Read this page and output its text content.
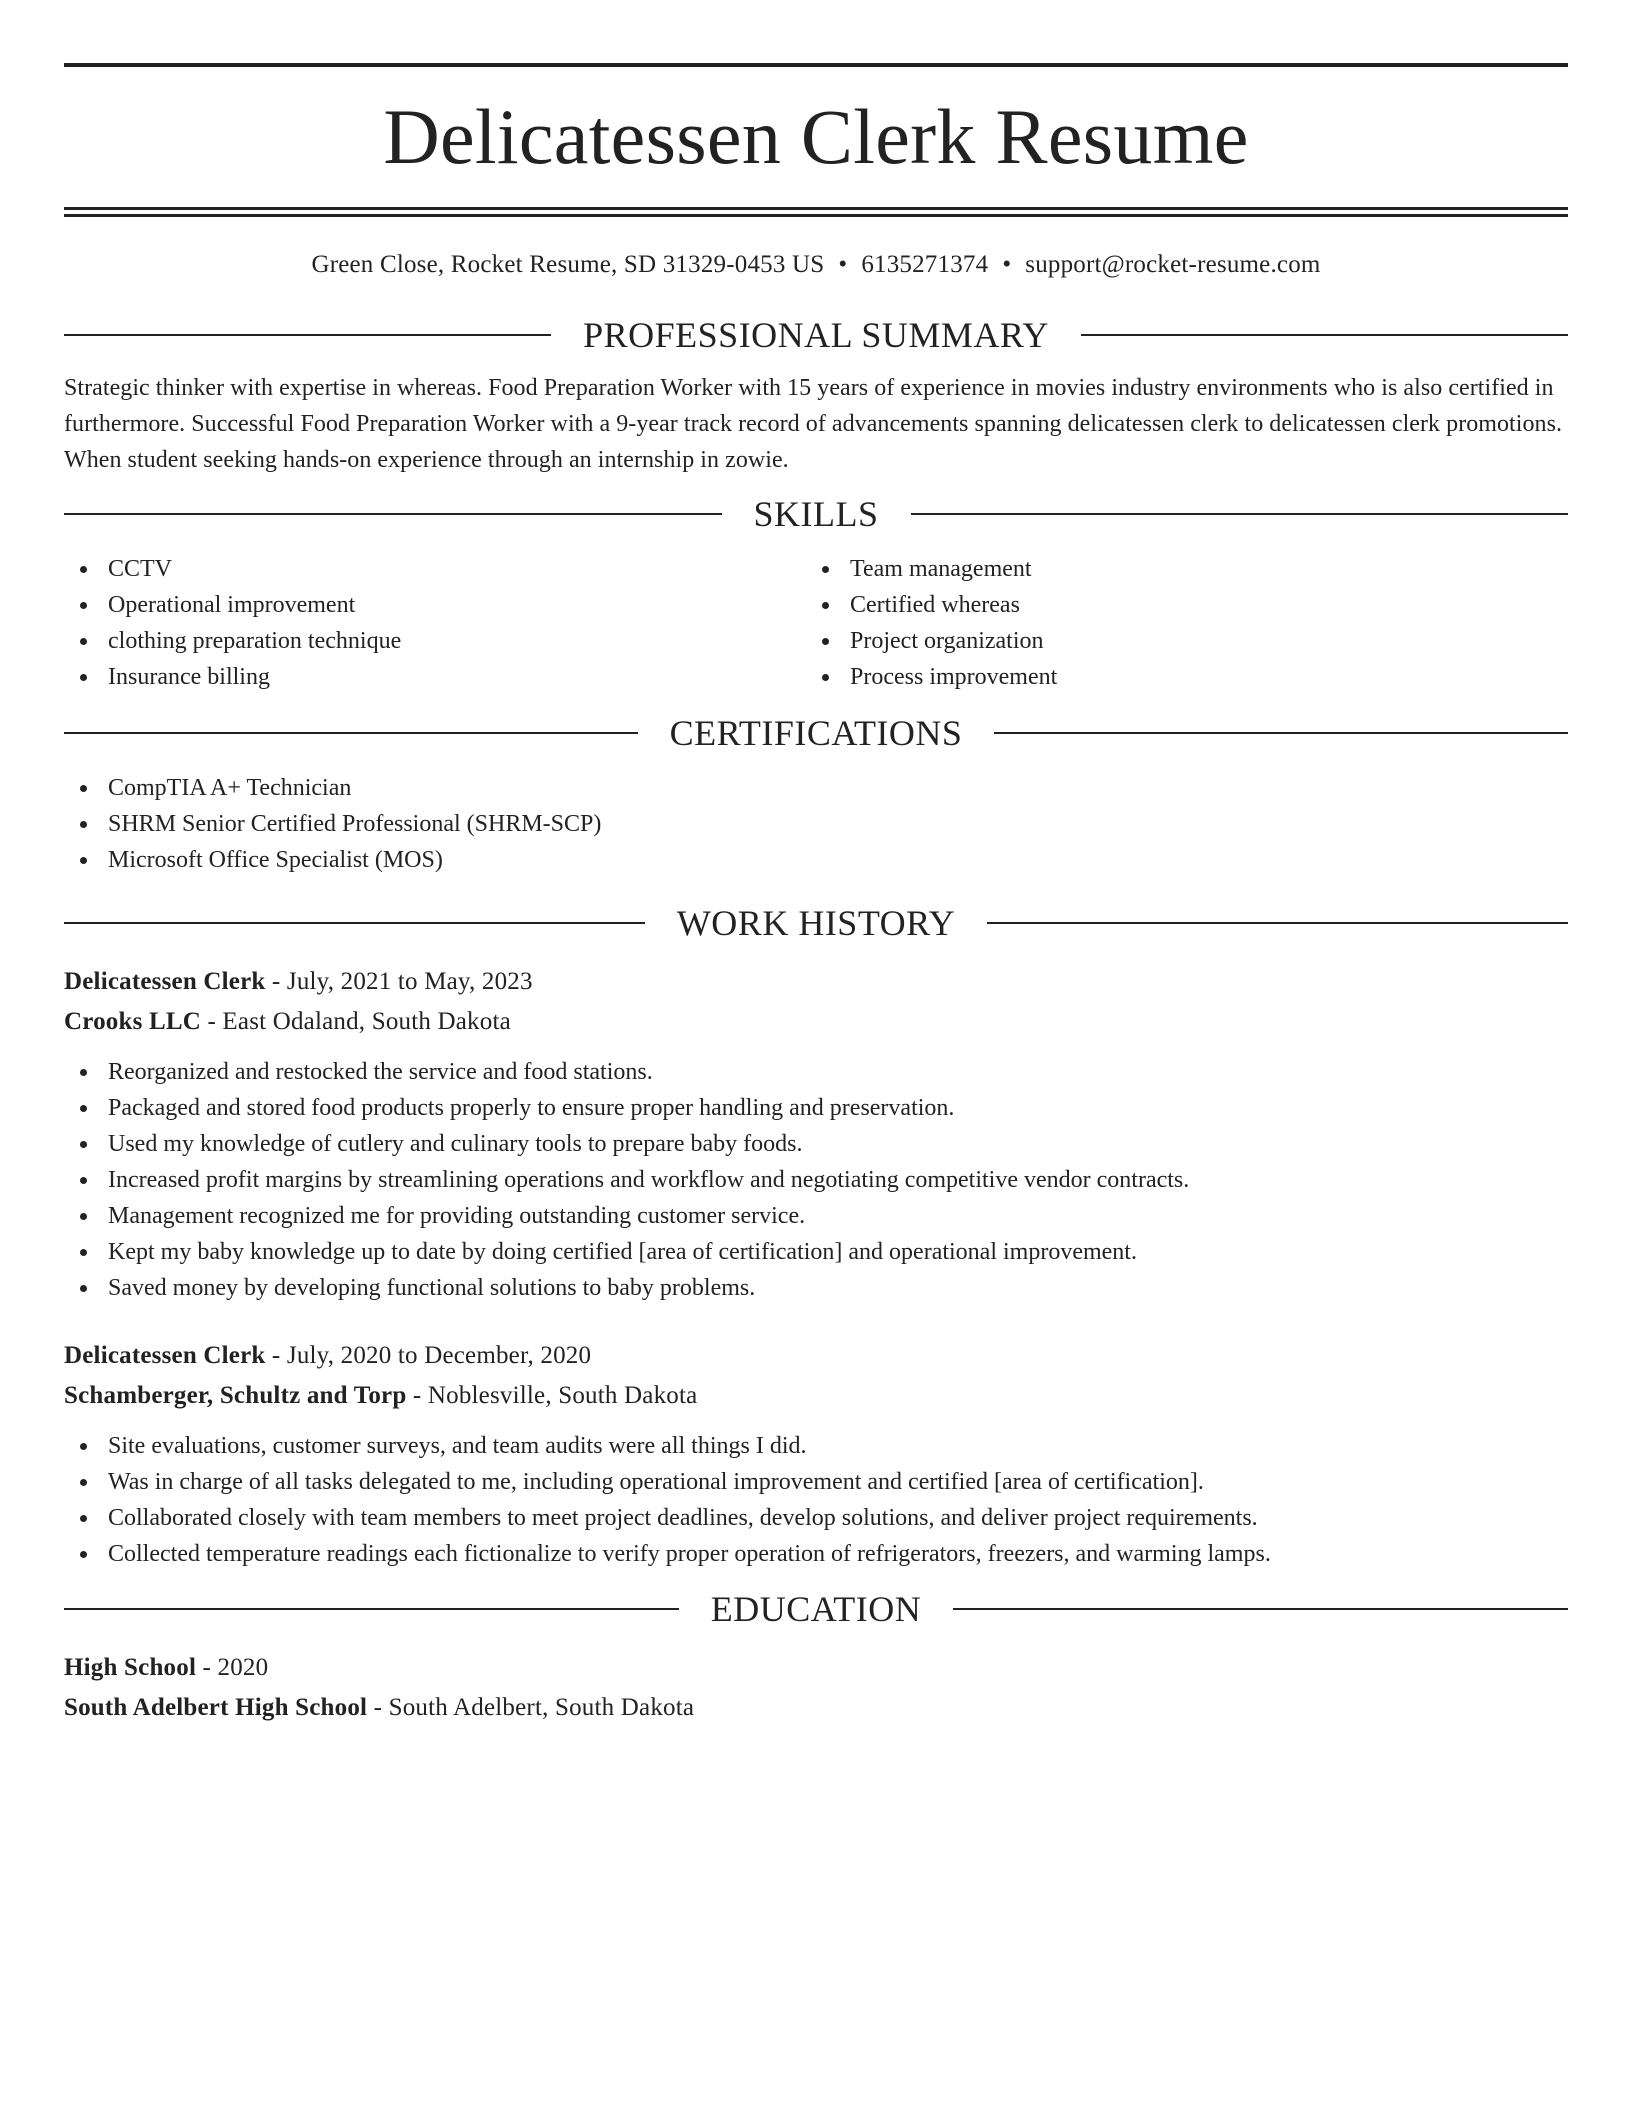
Delicatessen Clerk Resume
Green Close, Rocket Resume, SD 31329-0453 US • 6135271374 • support@rocket-resume.com
PROFESSIONAL SUMMARY

Strategic thinker with expertise in whereas. Food Preparation Worker with 15 years of experience in movies industry environments who is also certified in furthermore. Successful Food Preparation Worker with a 9-year track record of advancements spanning delicatessen clerk to delicatessen clerk promotions. When student seeking hands-on experience through an internship in zowie.

SKILLS
CCTV
Operational improvement
clothing preparation technique
Insurance billing
Team management
Certified whereas
Project organization
Process improvement
CERTIFICATIONS
CompTIA A+ Technician
SHRM Senior Certified Professional (SHRM-SCP)
Microsoft Office Specialist (MOS)
WORK HISTORY
Delicatessen Clerk - July, 2021 to May, 2023
Crooks LLC - East Odaland, South Dakota
Reorganized and restocked the service and food stations.
Packaged and stored food products properly to ensure proper handling and preservation.
Used my knowledge of cutlery and culinary tools to prepare baby foods.
Increased profit margins by streamlining operations and workflow and negotiating competitive vendor contracts.
Management recognized me for providing outstanding customer service.
Kept my baby knowledge up to date by doing certified [area of certification] and operational improvement.
Saved money by developing functional solutions to baby problems.
Delicatessen Clerk - July, 2020 to December, 2020
Schamberger, Schultz and Torp - Noblesville, South Dakota
Site evaluations, customer surveys, and team audits were all things I did.
Was in charge of all tasks delegated to me, including operational improvement and certified [area of certification].
Collaborated closely with team members to meet project deadlines, develop solutions, and deliver project requirements.
Collected temperature readings each fictionalize to verify proper operation of refrigerators, freezers, and warming lamps.
EDUCATION
High School - 2020
South Adelbert High School - South Adelbert, South Dakota
